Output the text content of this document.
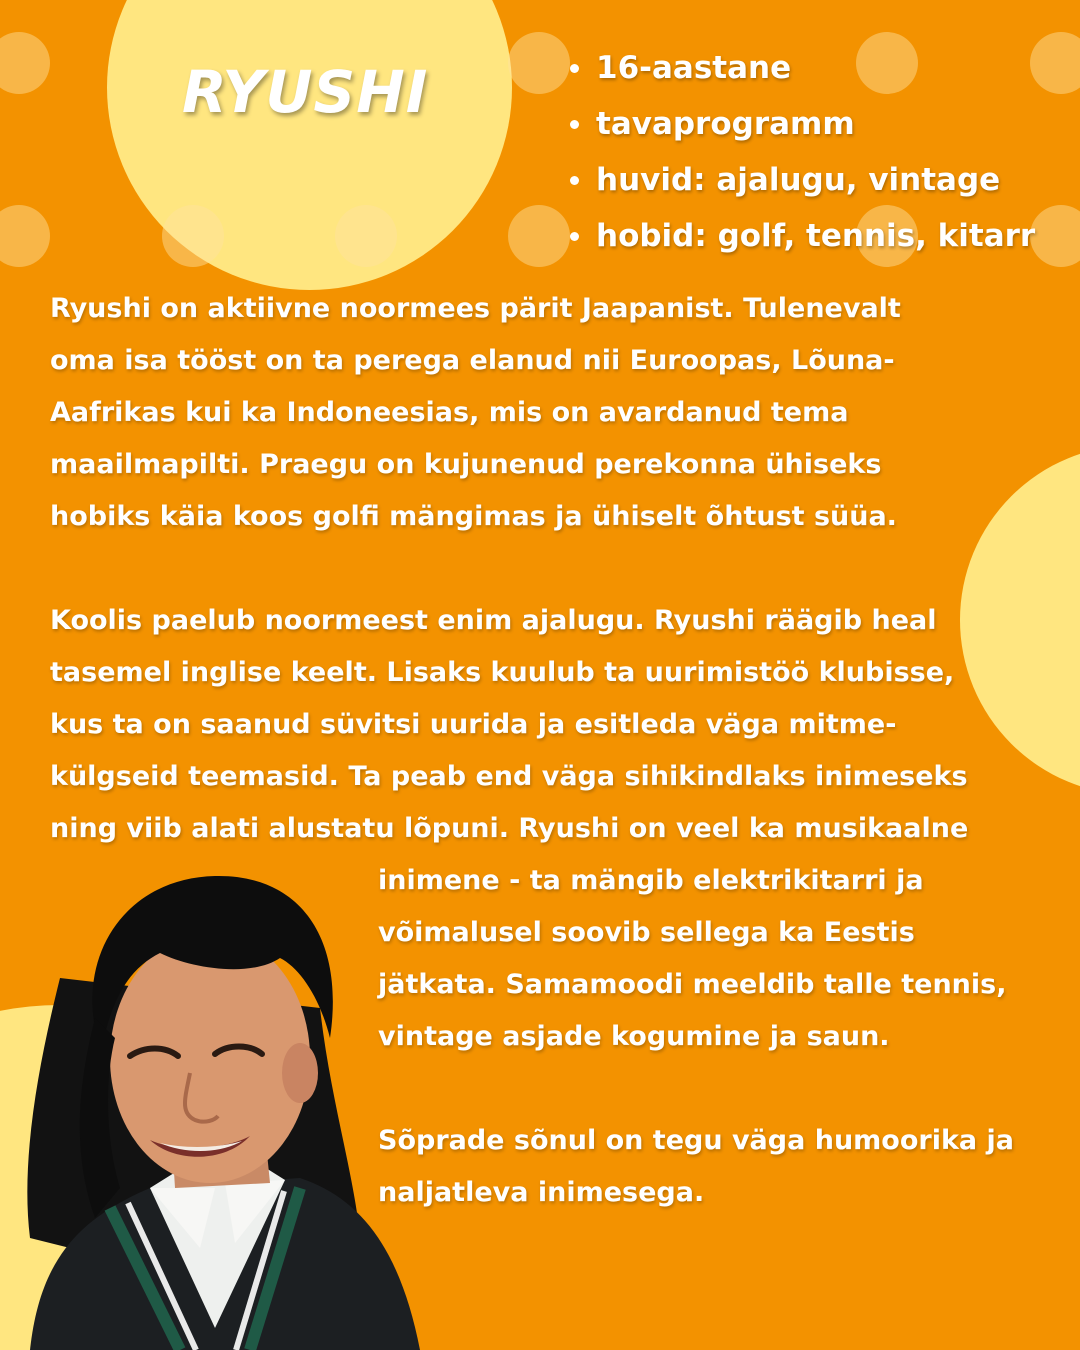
RYUSHI	16-aastane
tavaprogramm
huvid: ajalugu, vintage
hobid: golf, tennis, kitarr

Ryushi on aktiivne noormees pärit Jaapanist. Tulenevalt
oma isa tööst on ta perega elanud nii Euroopas, Lõuna-
Aafrikas kui ka Indoneesias, mis on avardanud tema
maailmapilti. Praegu on kujunenud perekonna ühiseks
hobiks käia koos golfi mängimas ja ühiselt õhtust süüa.

Koolis paelub noormeest enim ajalugu. Ryushi räägib heal
tasemel inglise keelt. Lisaks kuulub ta uurimistöö klubisse,
kus ta on saanud süvitsi uurida ja esitleda väga mitme-
külgseid teemasid. Ta peab end väga sihikindlaks inimeseks
ning viib alati alustatu lõpuni. Ryushi on veel ka musikaalne

inimene - ta mängib elektrikitarri ja
võimalusel soovib sellega ka Eestis
jätkata. Samamoodi meeldib talle tennis,
vintage asjade kogumine ja saun.

Sõprade sõnul on tegu väga humoorika ja
naljatleva inimesega.
